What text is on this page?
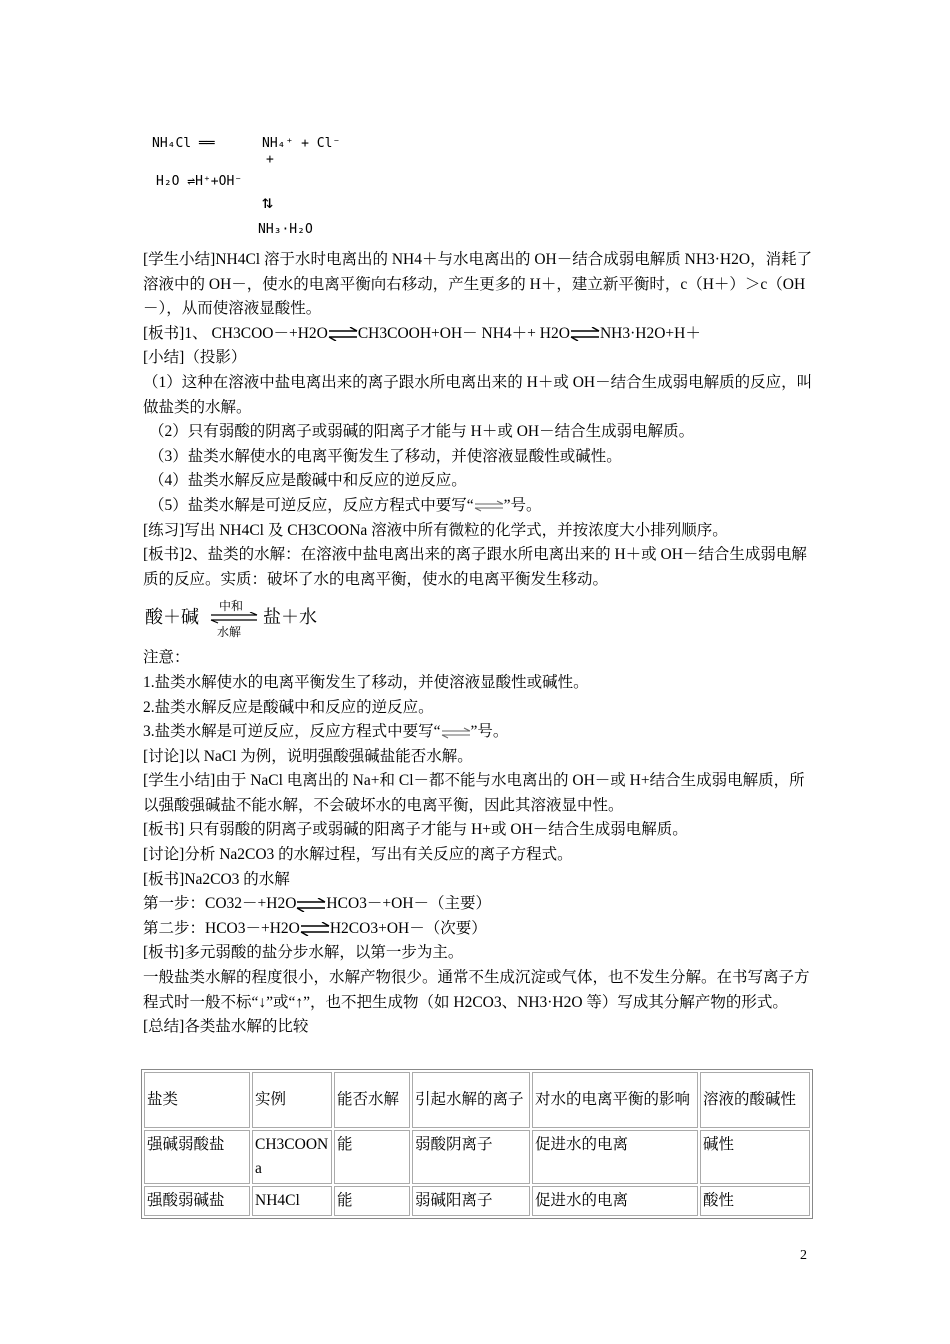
NH₄Cl ══	NH₄⁺ + Cl⁻
+
H₂O ⇌H⁺+OH⁻
⇅
NH₃·H₂O

[学生小结]NH4Cl 溶于水时电离出的 NH4＋与水电离出的 OH－结合成弱电解质 NH3·H2O，消耗了溶液中的 OH－，使水的电离平衡向右移动，产生更多的 H＋，建立新平衡时，c（H＋）＞c（OH－），从而使溶液显酸性。

[板书]1、 CH3COO－+H2O⇌CH3COOH+OH－ NH4＋+ H2O⇌NH3·H2O+H＋

[小结]（投影）

（1）这种在溶液中盐电离出来的离子跟水所电离出来的 H＋或 OH－结合生成弱电解质的反应，叫做盐类的水解。

（2）只有弱酸的阴离子或弱碱的阳离子才能与 H＋或 OH－结合生成弱电解质。

（3）盐类水解使水的电离平衡发生了移动，并使溶液显酸性或碱性。

（4）盐类水解反应是酸碱中和反应的逆反应。

（5）盐类水解是可逆反应，反应方程式中要写“ ”号。

[练习]写出 NH4Cl 及 CH3COONa 溶液中所有微粒的化学式，并按浓度大小排列顺序。

[板书]2、盐类的水解：在溶液中盐电离出来的离子跟水所电离出来的 H＋或 OH－结合生成弱电解质的反应。实质：破坏了水的电离平衡，使水的电离平衡发生移动。

酸＋碱
中和
水解
盐＋水

注意：

1.盐类水解使水的电离平衡发生了移动，并使溶液显酸性或碱性。

2.盐类水解反应是酸碱中和反应的逆反应。

3.盐类水解是可逆反应，反应方程式中要写“ ”号。

[讨论]以 NaCl 为例，说明强酸强碱盐能否水解。

[学生小结]由于 NaCl 电离出的 Na+和 Cl－都不能与水电离出的 OH－或 H+结合生成弱电解质，所以强酸强碱盐不能水解，不会破坏水的电离平衡，因此其溶液显中性。

[板书] 只有弱酸的阴离子或弱碱的阳离子才能与 H+或 OH－结合生成弱电解质。

[讨论]分析 Na2CO3 的水解过程，写出有关反应的离子方程式。

[板书]Na2CO3 的水解

第一步：CO32－+H2O⇌HCO3－+OH－（主要）

第二步：HCO3－+H2O⇌H2CO3+OH－（次要）

[板书]多元弱酸的盐分步水解，以第一步为主。

一般盐类水解的程度很小，水解产物很少。通常不生成沉淀或气体，也不发生分解。在书写离子方程式时一般不标“↓”或“↑”，也不把生成物（如 H2CO3、NH3·H2O 等）写成其分解产物的形式。

[总结]各类盐水解的比较

盐类	实例	能否水解	引起水解的离子	对水的电离平衡的影响	溶液的酸碱性
强碱弱酸盐	CH3COONa	能	弱酸阴离子	促进水的电离	碱性
强酸弱碱盐	NH4Cl	能	弱碱阳离子	促进水的电离	酸性
2
